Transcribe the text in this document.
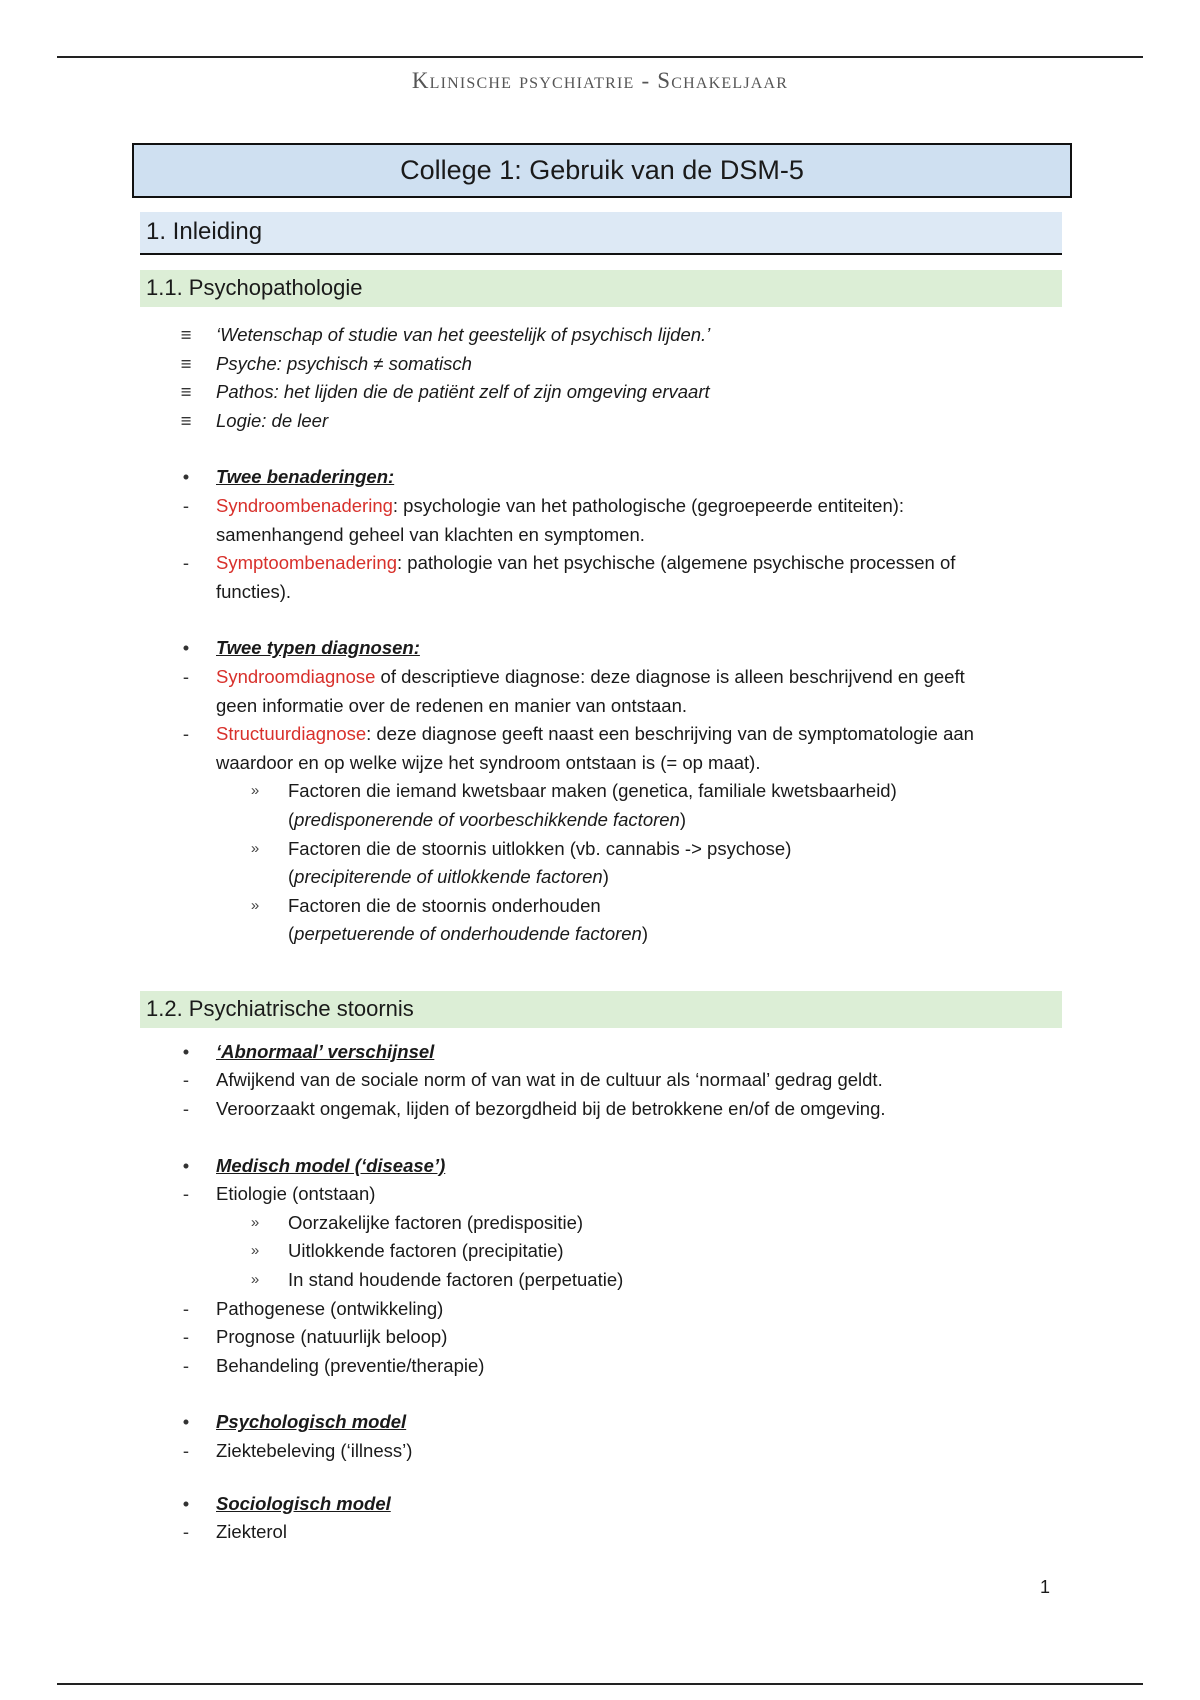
Klinische psychiatrie - Schakeljaar
College 1: Gebruik van de DSM-5
1. Inleiding
1.1. Psychopathologie
≡ ‘Wetenschap of studie van het geestelijk of psychisch lijden.’
≡ Psyche: psychisch ≠ somatisch
≡ Pathos: het lijden die de patiënt zelf of zijn omgeving ervaart
≡ Logie: de leer
•	Twee benaderingen:
-	Syndroombenadering: psychologie van het pathologische (gegroepeerde entiteiten):
samenhangend geheel van klachten en symptomen.
-	Symptoombenadering: pathologie van het psychische (algemene psychische processen of
functies).
•	Twee typen diagnosen:
-	Syndroomdiagnose of descriptieve diagnose: deze diagnose is alleen beschrijvend en geeft
geen informatie over de redenen en manier van ontstaan.
-	Structuurdiagnose: deze diagnose geeft naast een beschrijving van de symptomatologie aan
waardoor en op welke wijze het syndroom ontstaan is (= op maat).
» Factoren die iemand kwetsbaar maken (genetica, familiale kwetsbaarheid)
(predisponerende of voorbeschikkende factoren)
» Factoren die de stoornis uitlokken (vb. cannabis -> psychose)
(precipiterende of uitlokkende factoren)
» Factoren die de stoornis onderhouden
(perpetuerende of onderhoudende factoren)
1.2. Psychiatrische stoornis
•	‘Abnormaal’ verschijnsel
-	Afwijkend van de sociale norm of van wat in de cultuur als ‘normaal’ gedrag geldt.
-	Veroorzaakt ongemak, lijden of bezorgdheid bij de betrokkene en/of de omgeving.
•	Medisch model (‘disease’)
-	Etiologie (ontstaan)
» Oorzakelijke factoren (predispositie)
» Uitlokkende factoren (precipitatie)
» In stand houdende factoren (perpetuatie)
-	Pathogenese (ontwikkeling)
-	Prognose (natuurlijk beloop)
-	Behandeling (preventie/therapie)
•	Psychologisch model
-	Ziektebeleving (‘illness’)
•	Sociologisch model
-	Ziekterol
1
